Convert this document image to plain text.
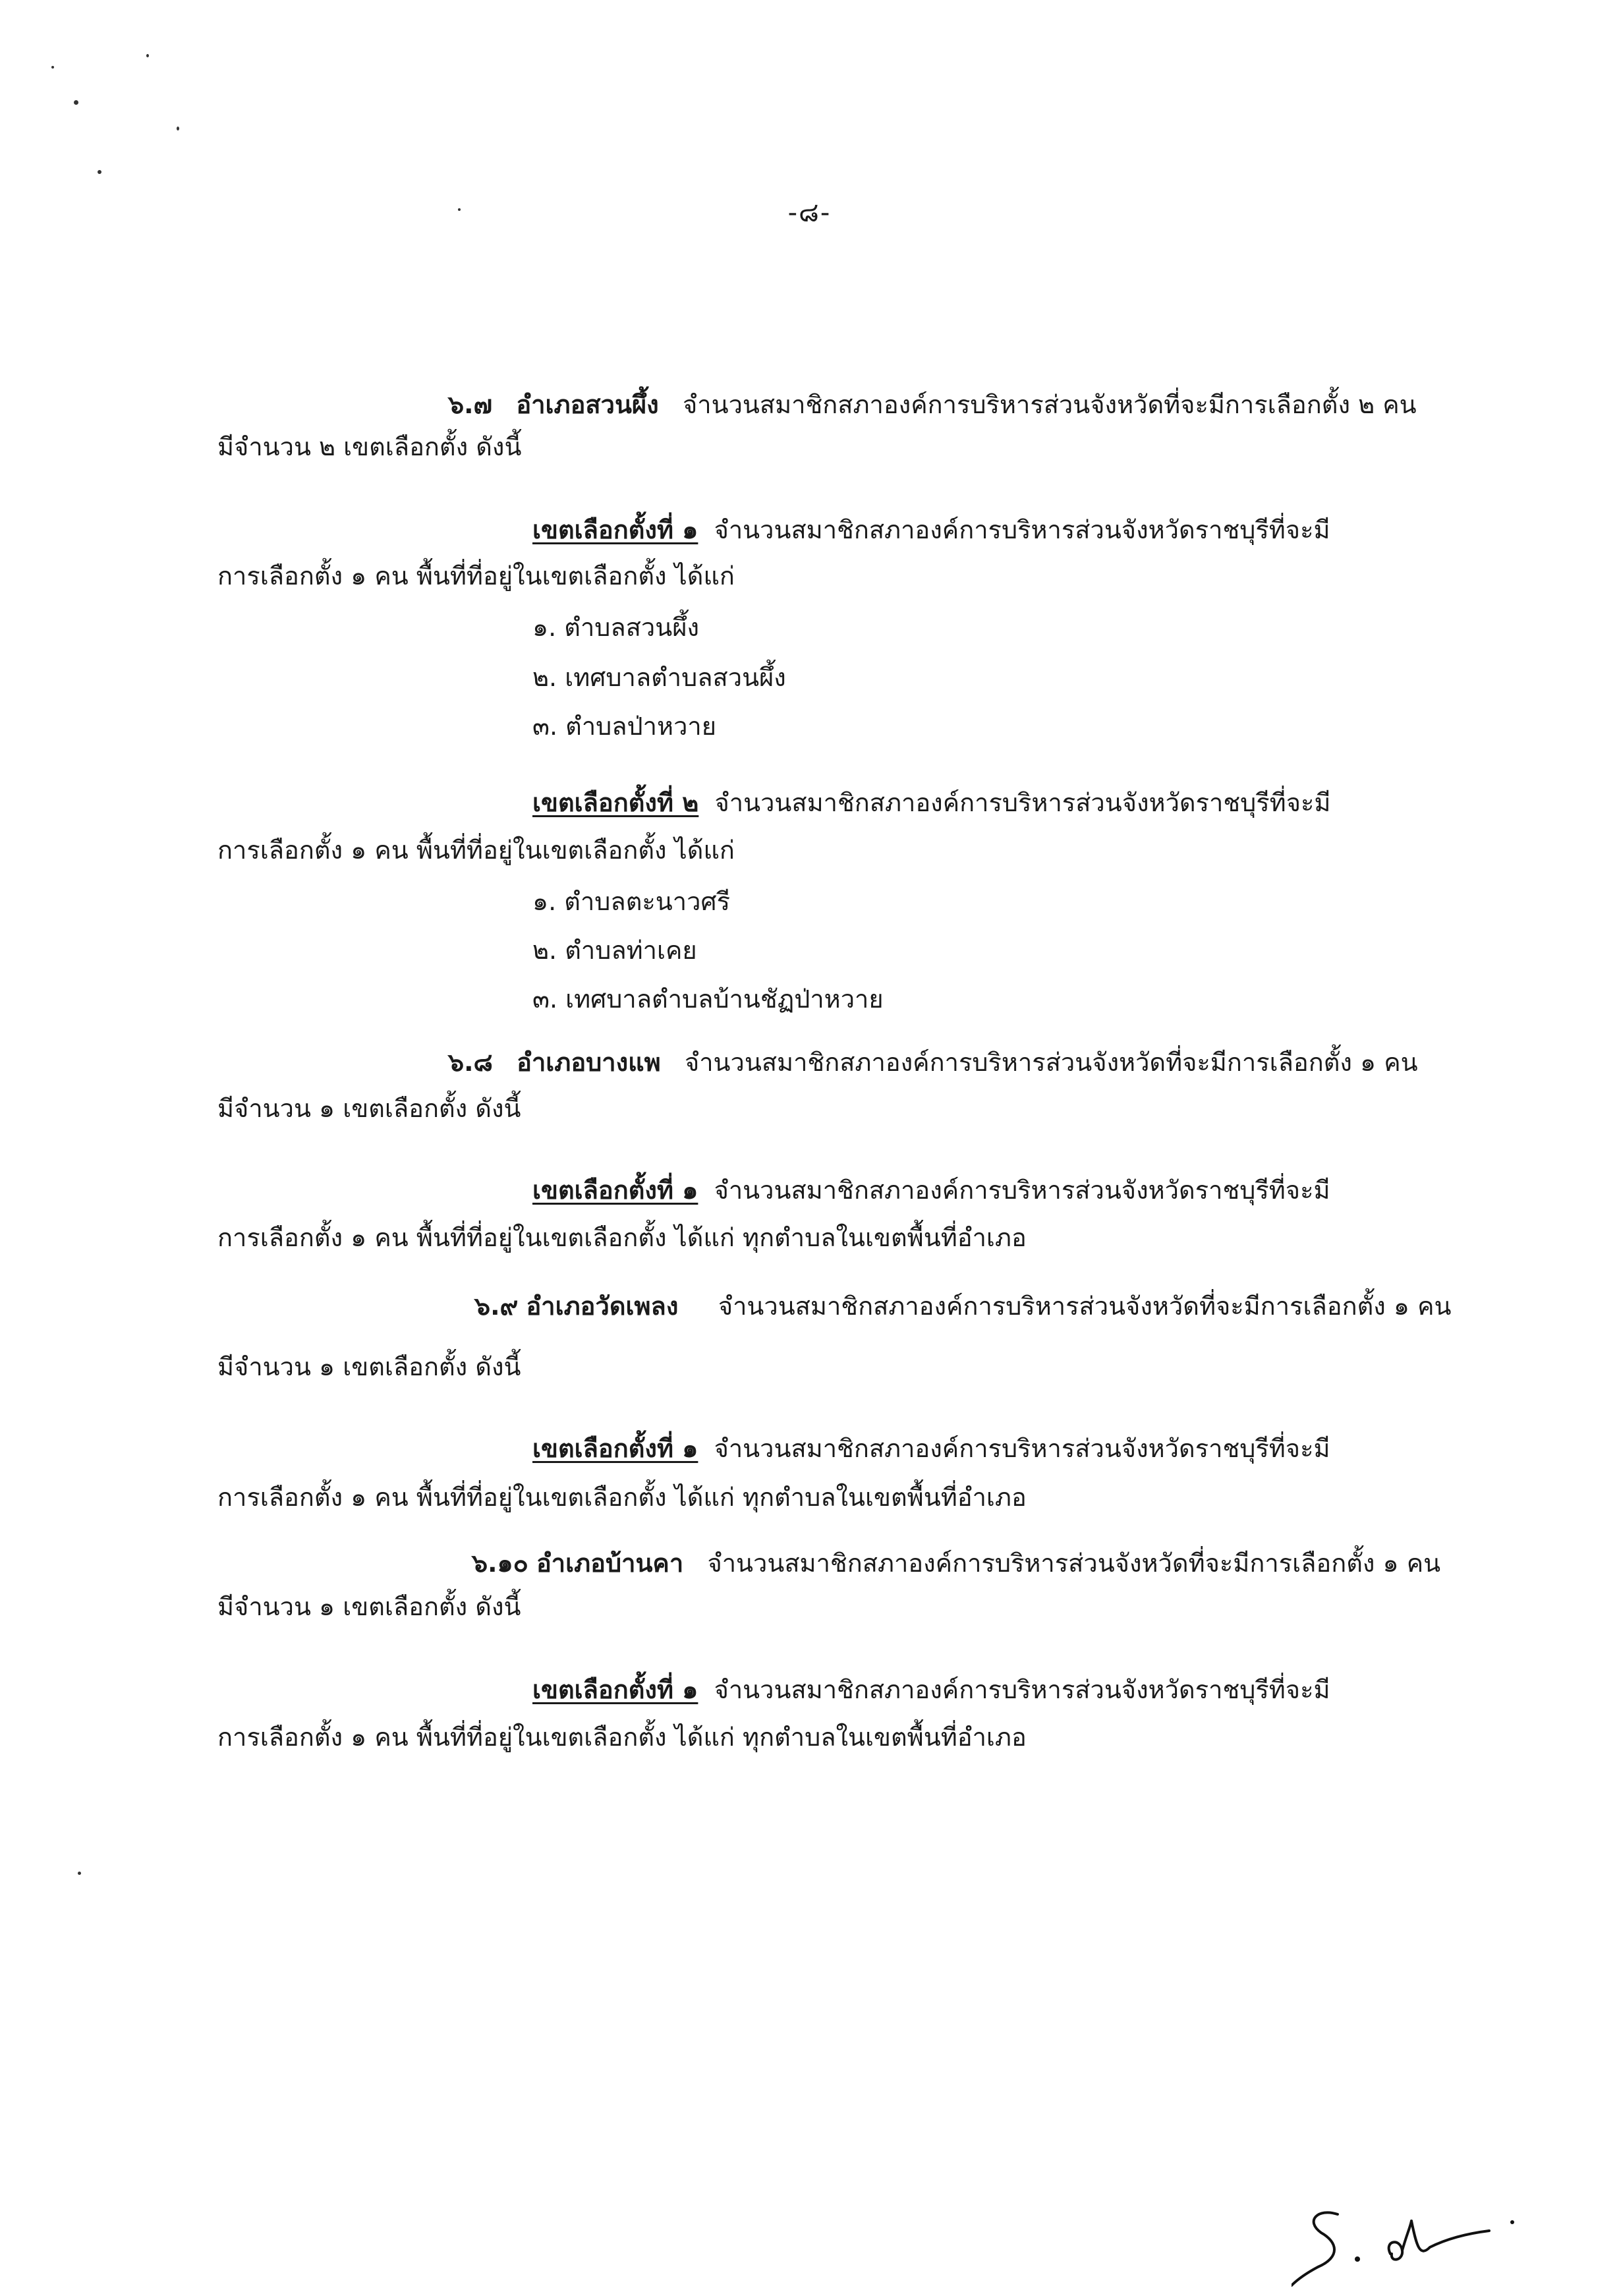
-๘-
๖.๗ อำเภอสวนผึ้ง จำนวนสมาชิกสภาองค์การบริหารส่วนจังหวัดที่จะมีการเลือกตั้ง ๒ คน
มีจำนวน ๒ เขตเลือกตั้ง ดังนี้
เขตเลือกตั้งที่ ๑ จำนวนสมาชิกสภาองค์การบริหารส่วนจังหวัดราชบุรีที่จะมี
การเลือกตั้ง ๑ คน พื้นที่ที่อยู่ในเขตเลือกตั้ง ได้แก่
๑. ตำบลสวนผึ้ง
๒. เทศบาลตำบลสวนผึ้ง
๓. ตำบลป่าหวาย
เขตเลือกตั้งที่ ๒ จำนวนสมาชิกสภาองค์การบริหารส่วนจังหวัดราชบุรีที่จะมี
การเลือกตั้ง ๑ คน พื้นที่ที่อยู่ในเขตเลือกตั้ง ได้แก่
๑. ตำบลตะนาวศรี
๒. ตำบลท่าเคย
๓. เทศบาลตำบลบ้านชัฏป่าหวาย
๖.๘ อำเภอบางแพ จำนวนสมาชิกสภาองค์การบริหารส่วนจังหวัดที่จะมีการเลือกตั้ง ๑ คน
มีจำนวน ๑ เขตเลือกตั้ง ดังนี้
เขตเลือกตั้งที่ ๑ จำนวนสมาชิกสภาองค์การบริหารส่วนจังหวัดราชบุรีที่จะมี
การเลือกตั้ง ๑ คน พื้นที่ที่อยู่ในเขตเลือกตั้ง ได้แก่ ทุกตำบลในเขตพื้นที่อำเภอ
๖.๙ อำเภอวัดเพลง จำนวนสมาชิกสภาองค์การบริหารส่วนจังหวัดที่จะมีการเลือกตั้ง ๑ คน
มีจำนวน ๑ เขตเลือกตั้ง ดังนี้
เขตเลือกตั้งที่ ๑ จำนวนสมาชิกสภาองค์การบริหารส่วนจังหวัดราชบุรีที่จะมี
การเลือกตั้ง ๑ คน พื้นที่ที่อยู่ในเขตเลือกตั้ง ได้แก่ ทุกตำบลในเขตพื้นที่อำเภอ
๖.๑๐ อำเภอบ้านคา จำนวนสมาชิกสภาองค์การบริหารส่วนจังหวัดที่จะมีการเลือกตั้ง ๑ คน
มีจำนวน ๑ เขตเลือกตั้ง ดังนี้
เขตเลือกตั้งที่ ๑ จำนวนสมาชิกสภาองค์การบริหารส่วนจังหวัดราชบุรีที่จะมี
การเลือกตั้ง ๑ คน พื้นที่ที่อยู่ในเขตเลือกตั้ง ได้แก่ ทุกตำบลในเขตพื้นที่อำเภอ
